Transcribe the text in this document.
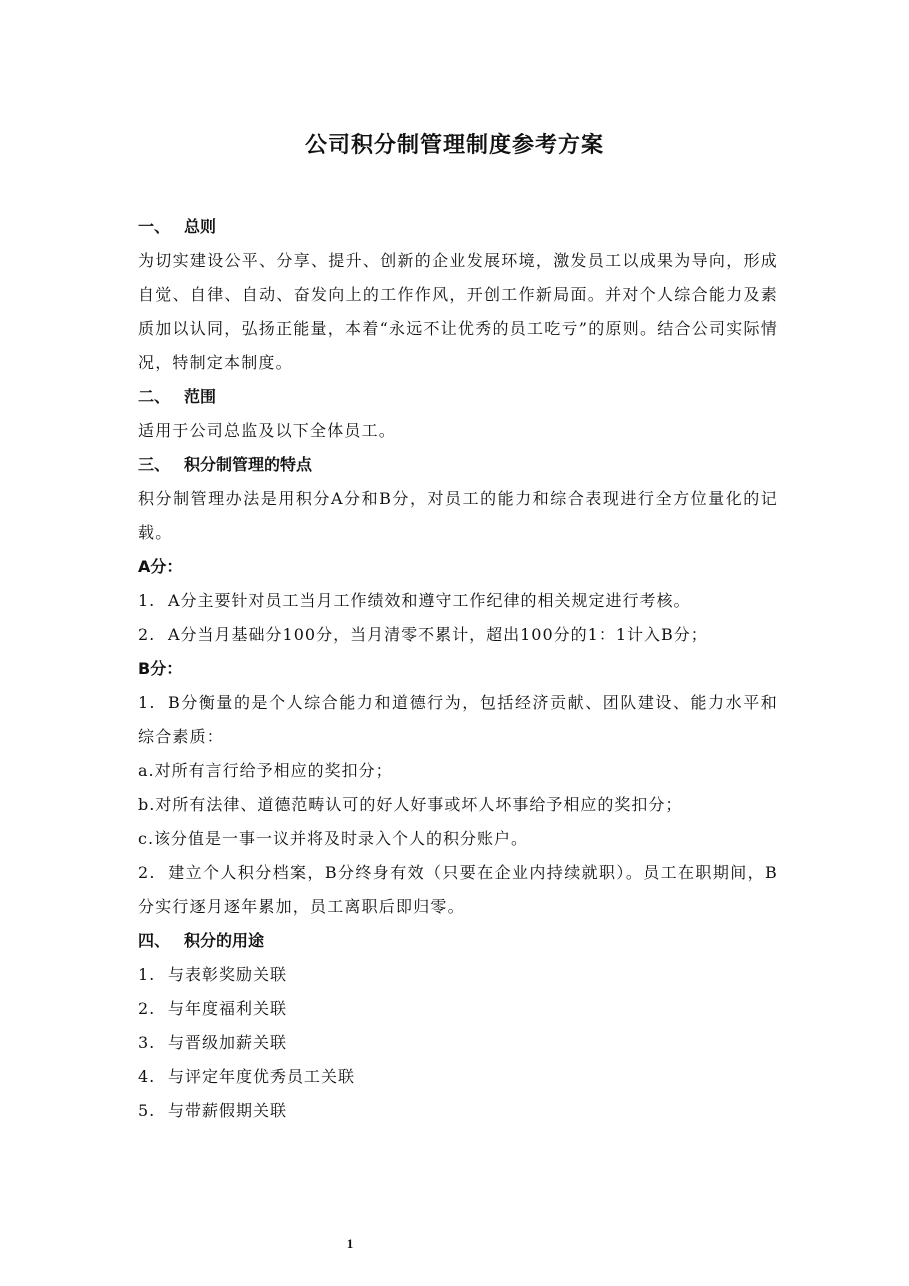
公司积分制管理制度参考方案
一、 总则
为切实建设公平、分享、提升、创新的企业发展环境，激发员工以成果为导向，形成自觉、自律、自动、奋发向上的工作作风，开创工作新局面。并对个人综合能力及素质加以认同，弘扬正能量，本着“永远不让优秀的员工吃亏”的原则。结合公司实际情况，特制定本制度。
二、 范围
适用于公司总监及以下全体员工。
三、 积分制管理的特点
积分制管理办法是用积分A分和B分，对员工的能力和综合表现进行全方位量化的记载。
A分：
1. A分主要针对员工当月工作绩效和遵守工作纪律的相关规定进行考核。
2. A分当月基础分100分，当月清零不累计，超出100分的1：1计入B分；
B分：
1. B分衡量的是个人综合能力和道德行为，包括经济贡献、团队建设、能力水平和综合素质：
a.对所有言行给予相应的奖扣分；
b.对所有法律、道德范畴认可的好人好事或坏人坏事给予相应的奖扣分；
c.该分值是一事一议并将及时录入个人的积分账户。
2. 建立个人积分档案，B分终身有效（只要在企业内持续就职）。员工在职期间，B分实行逐月逐年累加，员工离职后即归零。
四、 积分的用途
1. 与表彰奖励关联
2. 与年度福利关联
3. 与晋级加薪关联
4. 与评定年度优秀员工关联
5. 与带薪假期关联
1
